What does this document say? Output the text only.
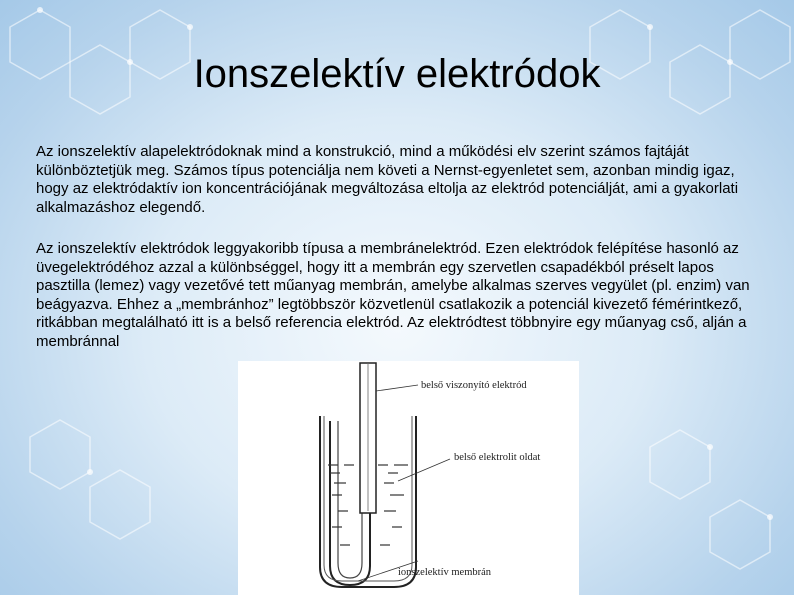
Ionszelektív elektródok

Az ionszelektív alapelektródoknak mind a konstrukció, mind a működési elv szerint számos fajtáját különböztetjük meg. Számos típus potenciálja nem követi a Nernst-egyenletet sem, azonban mindig igaz, hogy az elektródaktív ion koncentrációjának megváltozása eltolja az elektród potenciálját, ami a gyakorlati alkalmazáshoz elegendő.

Az ionszelektív elektródok leggyakoribb típusa a membránelektród. Ezen elektródok felépítése hasonló az üvegelektródéhoz azzal a különbséggel, hogy itt a membrán egy szervetlen csapadékból préselt lapos pasztilla (lemez) vagy vezetővé tett műanyag membrán, amelybe alkalmas szerves vegyület (pl. enzim) van beágyazva. Ehhez a „membránhoz” legtöbbször közvetlenül csatlakozik a potenciál kivezető fémérintkező, ritkábban megtalálható itt is a belső referencia elektród. Az elektródtest többnyire egy műanyag cső, alján a membránnal

belső viszonyító elektród
belső elektrolit oldat
ionszelektív membrán
